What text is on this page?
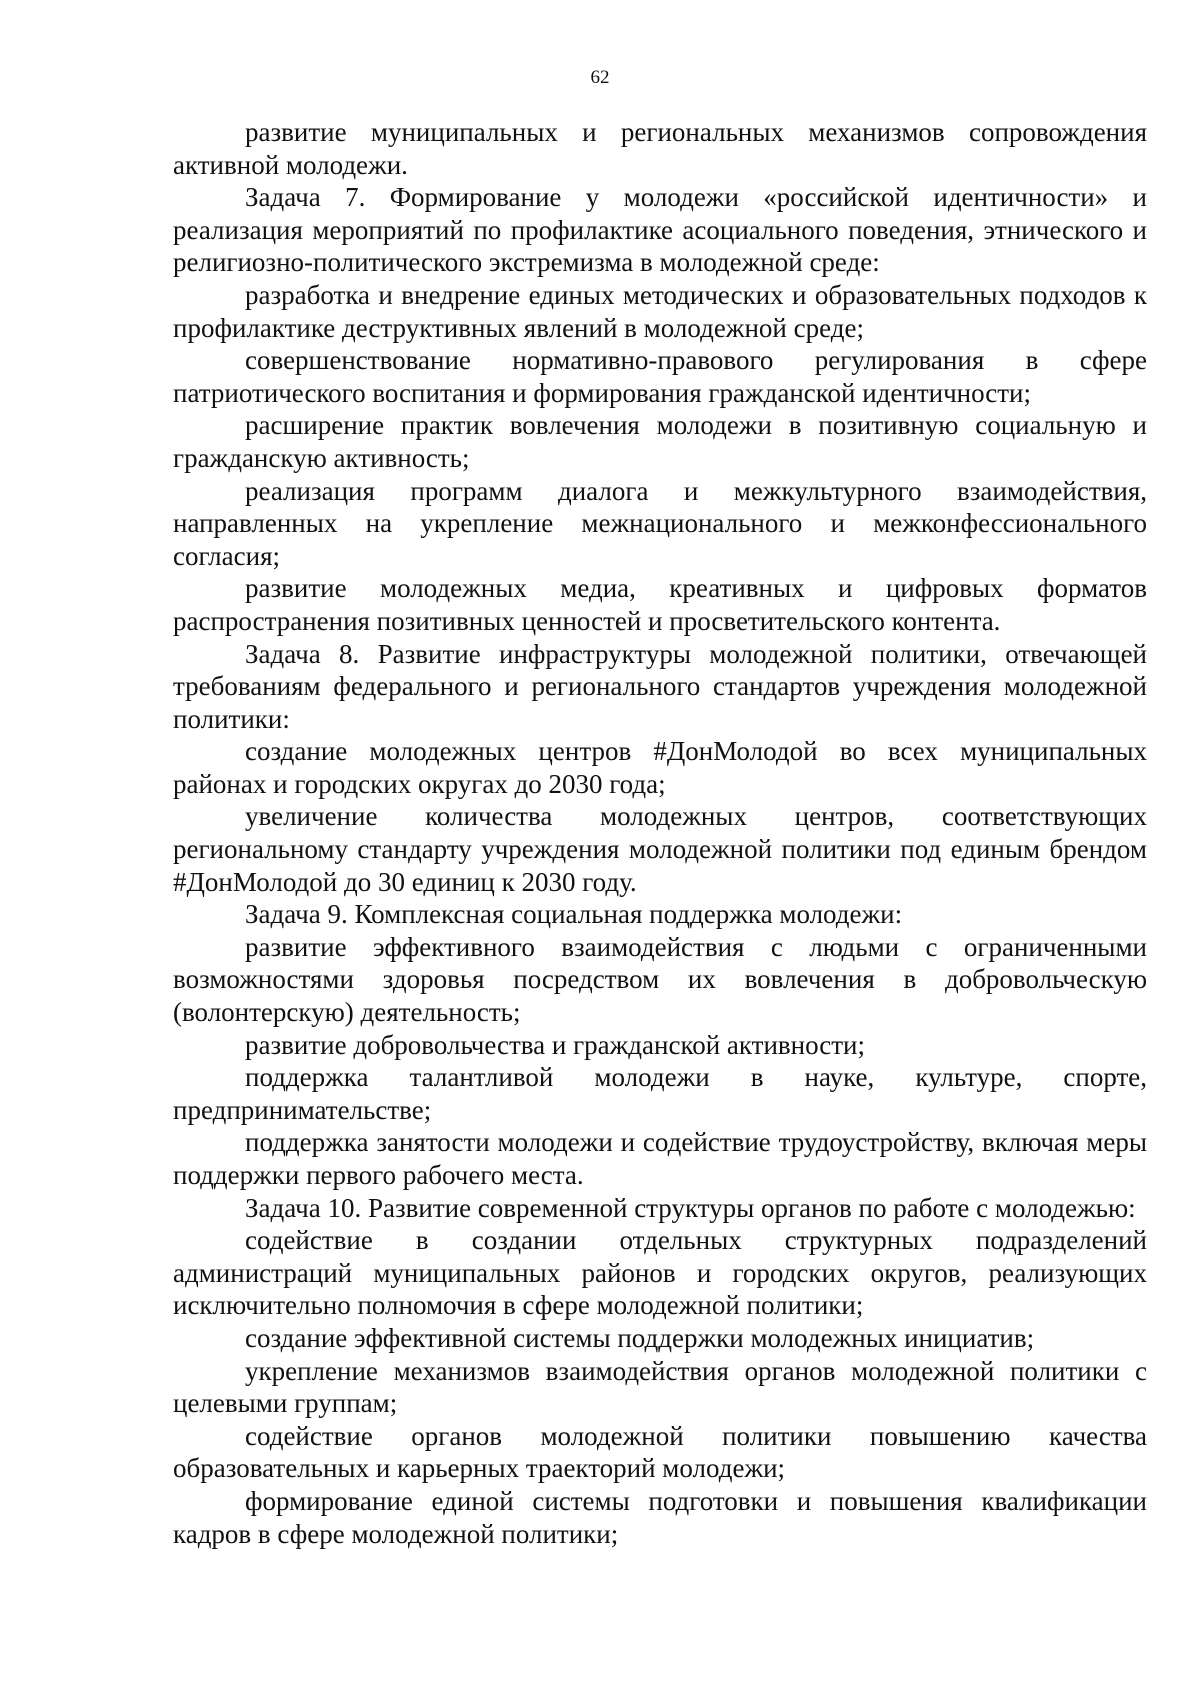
62

развитие муниципальных и региональных механизмов сопровождения активной молодежи.

Задача 7. Формирование у молодежи «российской идентичности» и реализация мероприятий по профилактике асоциального поведения, этнического и религиозно-политического экстремизма в молодежной среде:

разработка и внедрение единых методических и образовательных подходов к профилактике деструктивных явлений в молодежной среде;

совершенствование нормативно-правового регулирования в сфере патриотического воспитания и формирования гражданской идентичности;

расширение практик вовлечения молодежи в позитивную социальную и гражданскую активность;

реализация программ диалога и межкультурного взаимодействия, направленных на укрепление межнационального и межконфессионального согласия;

развитие молодежных медиа, креативных и цифровых форматов распространения позитивных ценностей и просветительского контента.

Задача 8. Развитие инфраструктуры молодежной политики, отвечающей требованиям федерального и регионального стандартов учреждения молодежной политики:

создание молодежных центров #ДонМолодой во всех муниципальных районах и городских округах до 2030 года;

увеличение количества молодежных центров, соответствующих региональному стандарту учреждения молодежной политики под единым брендом #ДонМолодой до 30 единиц к 2030 году.

Задача 9. Комплексная социальная поддержка молодежи:

развитие эффективного взаимодействия с людьми с ограниченными возможностями здоровья посредством их вовлечения в добровольческую (волонтерскую) деятельность;

развитие добровольчества и гражданской активности;

поддержка талантливой молодежи в науке, культуре, спорте, предпринимательстве;

поддержка занятости молодежи и содействие трудоустройству, включая меры поддержки первого рабочего места.

Задача 10. Развитие современной структуры органов по работе с молодежью:

содействие в создании отдельных структурных подразделений администраций муниципальных районов и городских округов, реализующих исключительно полномочия в сфере молодежной политики;

создание эффективной системы поддержки молодежных инициатив;

укрепление механизмов взаимодействия органов молодежной политики с целевыми группам;

содействие органов молодежной политики повышению качества образовательных и карьерных траекторий молодежи;

формирование единой системы подготовки и повышения квалификации кадров в сфере молодежной политики;
